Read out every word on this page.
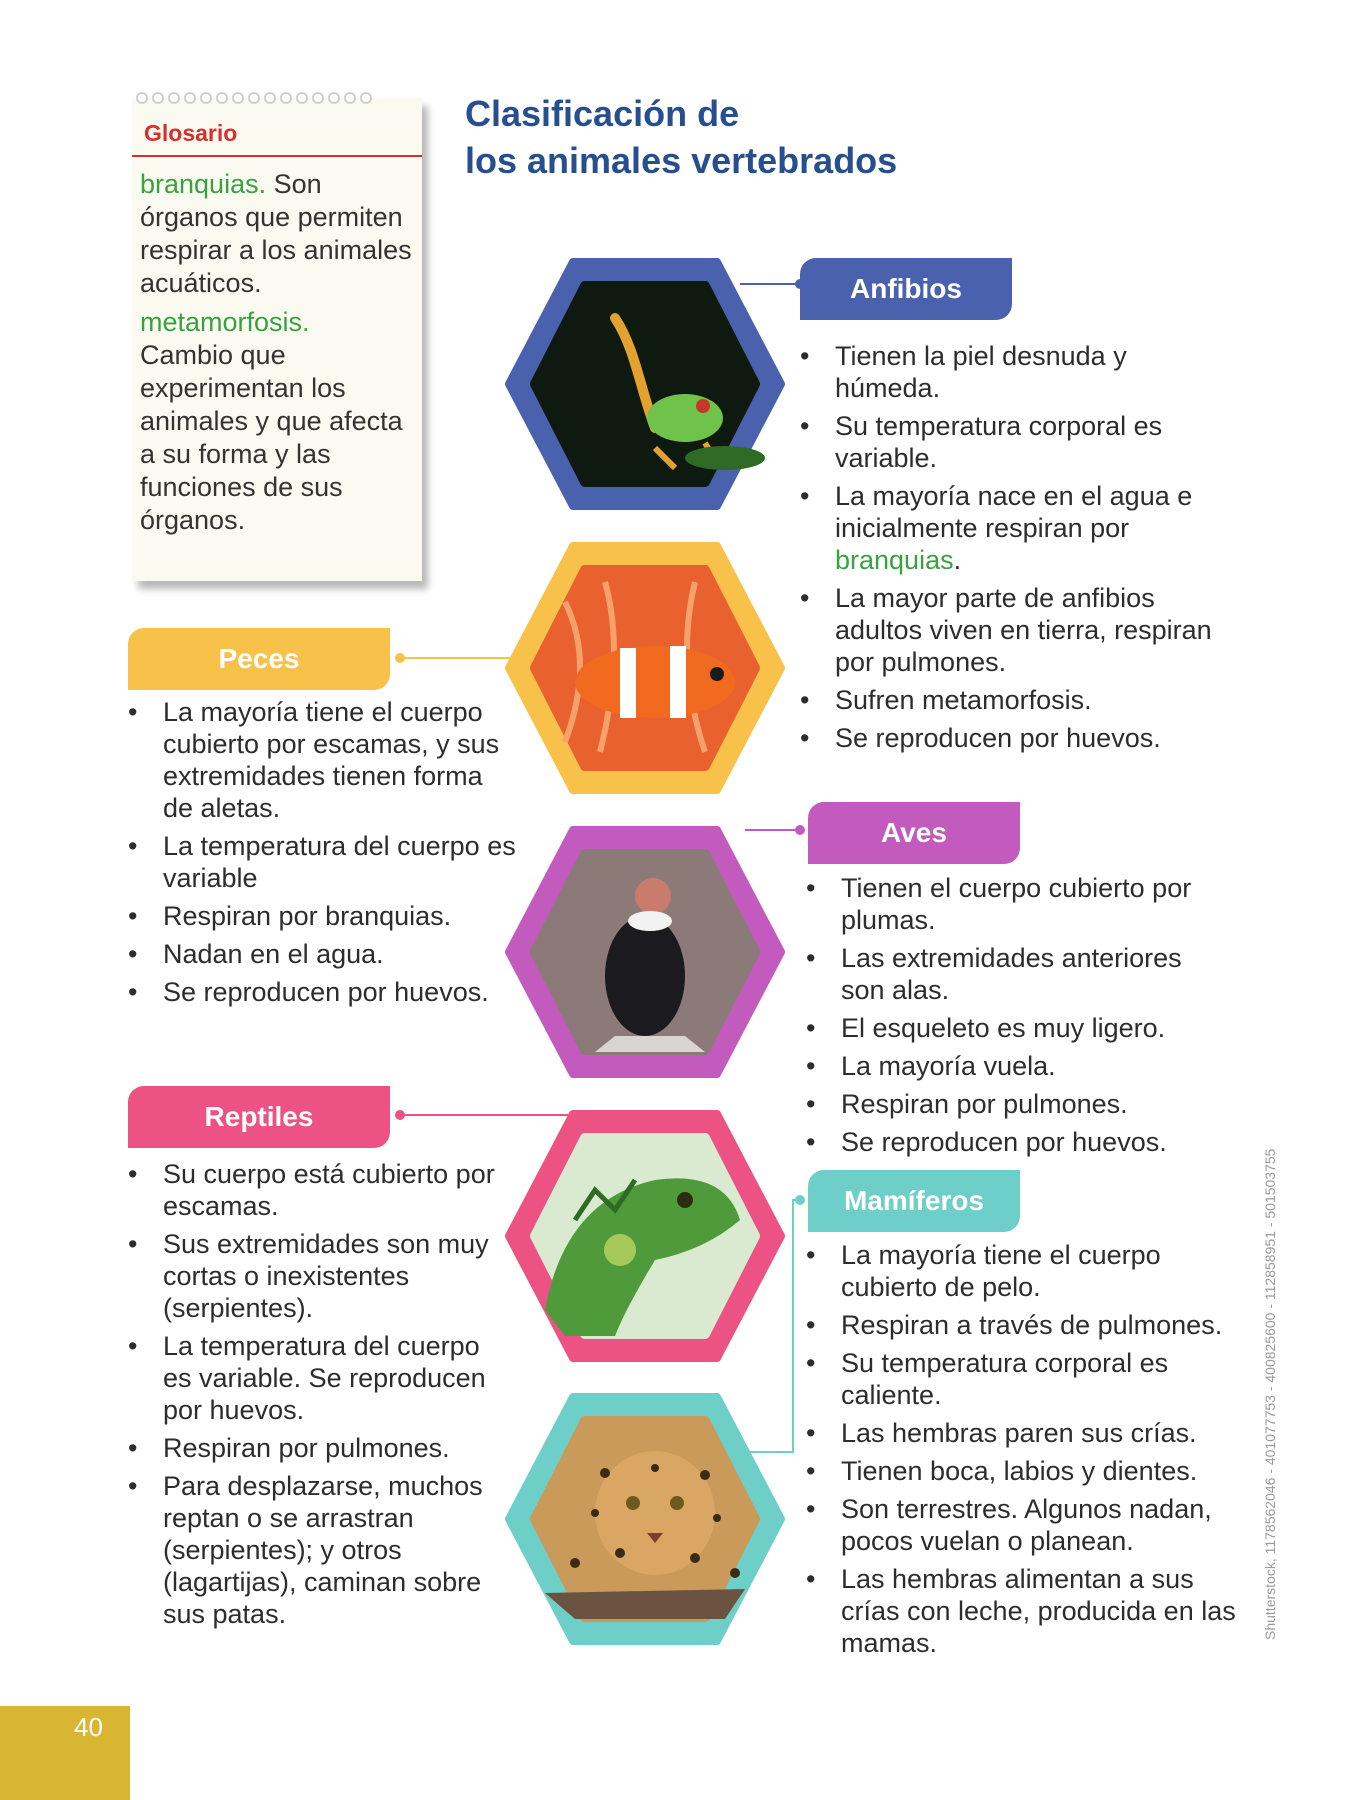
Clasificación de
los animales vertebrados
Glosario

branquias. Son órganos que permiten respirar a los animales acuáticos.

metamorfosis.
Cambio que experimentan los animales y que afecta a su forma y las funciones de sus órganos.

Anfibios
• Tienen la piel desnuda y húmeda.
• Su temperatura corporal es variable.
• La mayoría nace en el agua e inicialmente respiran por branquias.
• La mayor parte de anfibios adultos viven en tierra, respiran por pulmones.
• Sufren metamorfosis.
• Se reproducen por huevos.
Peces
• La mayoría tiene el cuerpo cubierto por escamas, y sus extremidades tienen forma de aletas.
• La temperatura del cuerpo es variable
• Respiran por branquias.
• Nadan en el agua.
• Se reproducen por huevos.
Aves
• Tienen el cuerpo cubierto por plumas.
• Las extremidades anteriores son alas.
• El esqueleto es muy ligero.
• La mayoría vuela.
• Respiran por pulmones.
• Se reproducen por huevos.
Reptiles
• Su cuerpo está cubierto por escamas.
• Sus extremidades son muy cortas o inexistentes (serpientes).
• La temperatura del cuerpo es variable. Se reproducen por huevos.
• Respiran por pulmones.
• Para desplazarse, muchos reptan o se arrastran (serpientes); y otros (lagartijas), caminan sobre sus patas.
Mamíferos
• La mayoría tiene el cuerpo cubierto de pelo.
• Respiran a través de pulmones.
• Su temperatura corporal es caliente.
• Las hembras paren sus crías.
• Tienen boca, labios y dientes.
• Son terrestres. Algunos nadan, pocos vuelan o planean.
• Las hembras alimentan a sus crías con leche, producida en las mamas.
Shutterstock, 1178562046 - 401077753 - 400825600 - 112858951 - 501503755
40
